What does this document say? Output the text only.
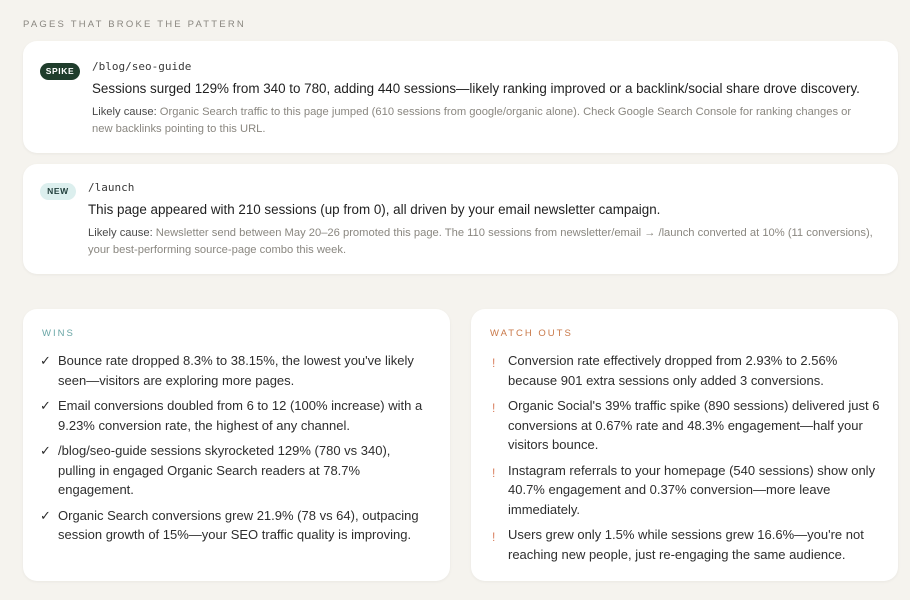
PAGES THAT BROKE THE PATTERN
SPIKE	/blog/seo-guide
Sessions surged 129% from 340 to 780, adding 440 sessions—likely ranking improved or a backlink/social share drove discovery.
Likely cause: Organic Search traffic to this page jumped (610 sessions from google/organic alone). Check Google Search Console for ranking changes or
new backlinks pointing to this URL.
NEW	/launch
This page appeared with 210 sessions (up from 0), all driven by your email newsletter campaign.
Likely cause: Newsletter send between May 20–26 promoted this page. The 110 sessions from newsletter/email → /launch converted at 10% (11 conversions),
your best-performing source-page combo this week.
WINS
✓ Bounce rate dropped 8.3% to 38.15%, the lowest you've likely
seen—visitors are exploring more pages.
✓ Email conversions doubled from 6 to 12 (100% increase) with a
9.23% conversion rate, the highest of any channel.
✓ /blog/seo-guide sessions skyrocketed 129% (780 vs 340),
pulling in engaged Organic Search readers at 78.7%
engagement.
✓ Organic Search conversions grew 21.9% (78 vs 64), outpacing
session growth of 15%—your SEO traffic quality is improving.
WATCH OUTS
! Conversion rate effectively dropped from 2.93% to 2.56%
because 901 extra sessions only added 3 conversions.
! Organic Social's 39% traffic spike (890 sessions) delivered just 6
conversions at 0.67% rate and 48.3% engagement—half your
visitors bounce.
! Instagram referrals to your homepage (540 sessions) show only
40.7% engagement and 0.37% conversion—more leave
immediately.
! Users grew only 1.5% while sessions grew 16.6%—you're not
reaching new people, just re-engaging the same audience.
